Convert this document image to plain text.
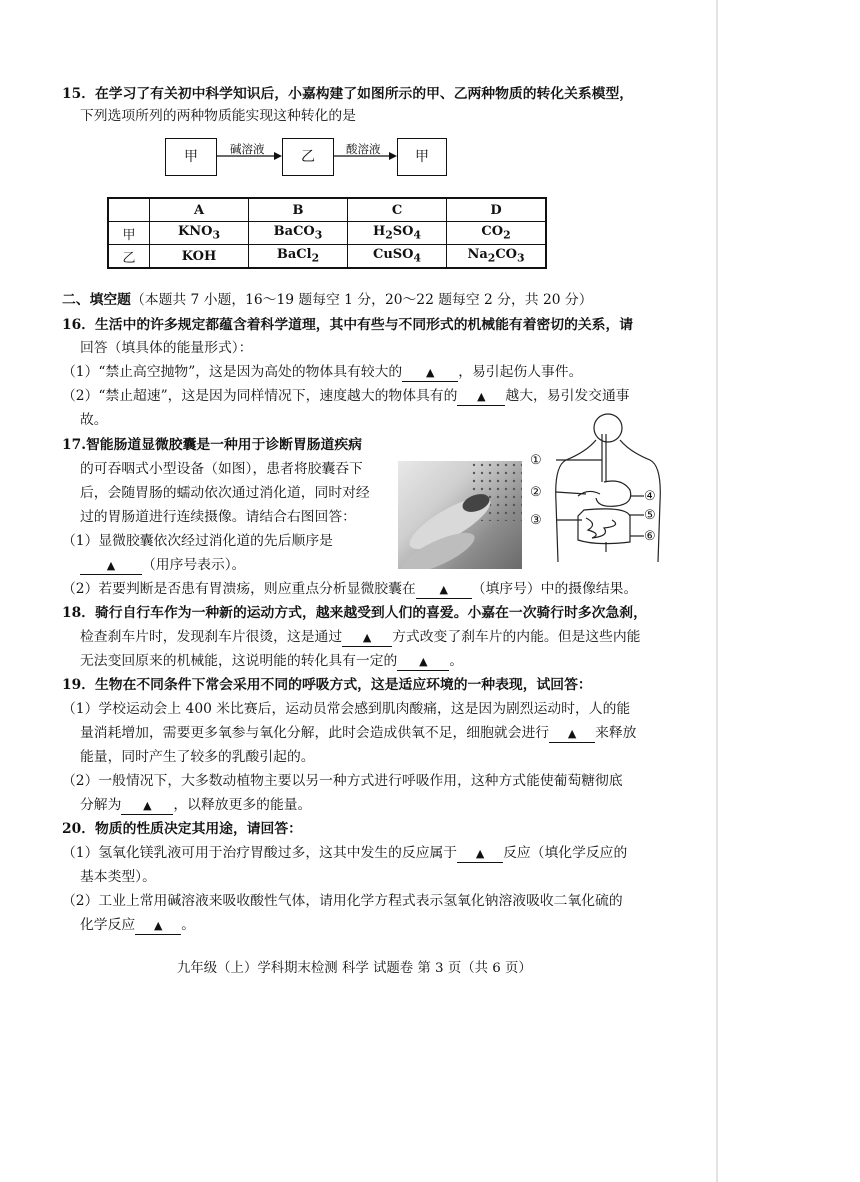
15．在学习了有关初中科学知识后，小嘉构建了如图所示的甲、乙两种物质的转化关系模型，
下列选项所列的两种物质能实现这种转化的是
甲	碱溶液	乙	酸溶液	甲
	A	B	C	D
甲	$KNO_3$	BaCO$_3$	$H_2SO_4$	$CO_2$
乙	KOH	BaCl$_2$	CuSO$_4$	$Na_2CO_3$
二、填空题（本题共 7 小题，16～19 题每空 1 分，20～22 题每空 2 分，共 20 分）
16．生活中的许多规定都蕴含着科学道理，其中有些与不同形式的机械能有着密切的关系，请
回答（填具体的能量形式）：
（1）“禁止高空抛物”，这是因为高处的物体具有较大的 ▲ ，易引起伤人事件。
（2）“禁止超速”，这是因为同样情况下，速度越大的物体具有的 ▲ 越大，易引发交通事
故。
17.智能肠道显微胶囊是一种用于诊断胃肠道疾病
的可吞咽式小型设备（如图），患者将胶囊吞下
后，会随胃肠的蠕动依次通过消化道，同时对经
过的胃肠道进行连续摄像。请结合右图回答：
（1）显微胶囊依次经过消化道的先后顺序是
▲ （用序号表示）。
①
②
③
④
⑤
⑥
（2）若要判断是否患有胃溃疡，则应重点分析显微胶囊在 ▲ （填序号）中的摄像结果。
18．骑行自行车作为一种新的运动方式，越来越受到人们的喜爱。小嘉在一次骑行时多次急刹，
检查刹车片时，发现刹车片很烫，这是通过 ▲ 方式改变了刹车片的内能。但是这些内能
无法变回原来的机械能，这说明能的转化具有一定的 ▲ 。
19．生物在不同条件下常会采用不同的呼吸方式，这是适应环境的一种表现，试回答：
（1）学校运动会上 400 米比赛后，运动员常会感到肌肉酸痛，这是因为剧烈运动时，人的能
量消耗增加，需要更多氧参与氧化分解，此时会造成供氧不足，细胞就会进行 ▲ 来释放
能量，同时产生了较多的乳酸引起的。
（2）一般情况下，大多数动植物主要以另一种方式进行呼吸作用，这种方式能使葡萄糖彻底
分解为 ▲ ，以释放更多的能量。
20．物质的性质决定其用途，请回答：
（1）氢氧化镁乳液可用于治疗胃酸过多，这其中发生的反应属于 ▲ 反应（填化学反应的
基本类型）。
（2）工业上常用碱溶液来吸收酸性气体，请用化学方程式表示氢氧化钠溶液吸收二氧化硫的
化学反应 ▲ 。
九年级（上）学科期末检测 科学 试题卷 第 3 页（共 6 页）
